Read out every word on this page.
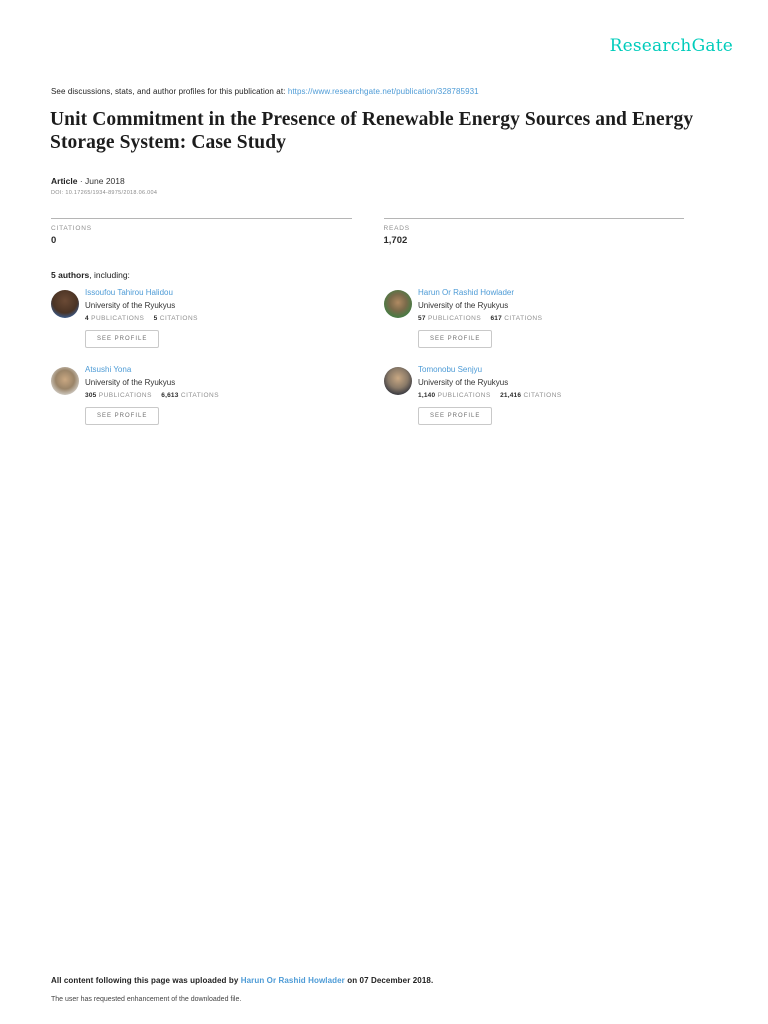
ResearchGate
See discussions, stats, and author profiles for this publication at: https://www.researchgate.net/publication/328785931
Unit Commitment in the Presence of Renewable Energy Sources and Energy Storage System: Case Study
Article · June 2018
DOI: 10.17265/1934-8975/2018.06.004
CITATIONS
0
READS
1,702
5 authors, including:
Issoufou Tahirou Halidou
University of the Ryukyus
4 PUBLICATIONS 5 CITATIONS
SEE PROFILE
Harun Or Rashid Howlader
University of the Ryukyus
57 PUBLICATIONS 617 CITATIONS
SEE PROFILE
Atsushi Yona
University of the Ryukyus
305 PUBLICATIONS 6,613 CITATIONS
SEE PROFILE
Tomonobu Senjyu
University of the Ryukyus
1,140 PUBLICATIONS 21,416 CITATIONS
SEE PROFILE
All content following this page was uploaded by Harun Or Rashid Howlader on 07 December 2018.
The user has requested enhancement of the downloaded file.
